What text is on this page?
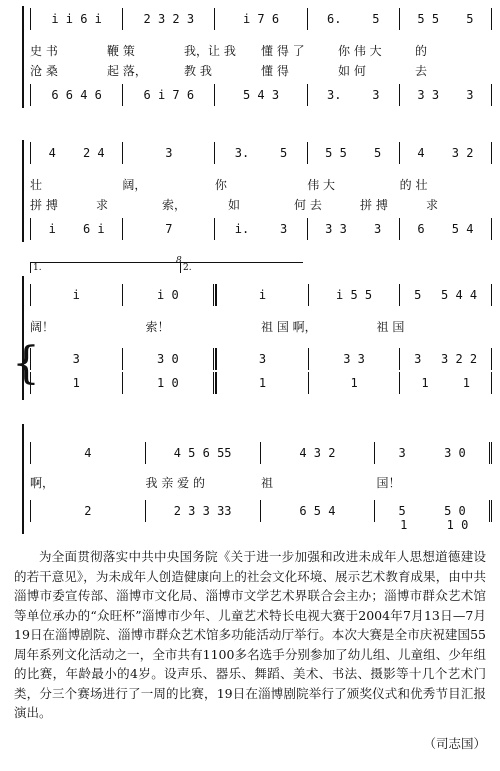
i i 6 i	2 3 2 3	i 7 6	6.	5	5 5 5
史 书	鞭 策	我，让 我	懂 得 了	你 伟 大	的
沧 桑	起 落，	教 我	懂 得	如 何	去
6 6 4 6	6 i 7 6	5 4 3	3.	3	3 3 3
4 2 4	3	3.	5	5 5 5	4 3 2
壮	阔，	你	伟 大	的 壮
拼 搏	求	索，	如	何 去	拼 搏	求
i 6 i	7	i.	3	3 3 3	6 5 4
1.	2.
8
i	i 0	i	i 5 5	5 5 4 4
阔！	索！	祖 国 啊，	祖 国
{	3	3 0	3	3 3	3 3 2 2
1	1 0	1	1	1	1
4	4 5 6 55	4 3 2	3	3 0
啊，	我 亲 爱 的	祖	国！
2	2 3 3 33	6 5 4	5	5 0
1	1 0

为全面贯彻落实中共中央国务院《关于进一步加强和改进未成年人思想道德建设的若干意见》，为未成年人创造健康向上的社会文化环境、展示艺术教育成果，由中共淄博市委宣传部、淄博市文化局、淄博市文学艺术界联合会主办；淄博市群众艺术馆等单位承办的“众旺杯”淄博市少年、儿童艺术特长电视大赛于2004年7月13日—7月19日在淄博剧院、淄博市群众艺术馆多功能活动厅举行。本次大赛是全市庆祝建国55周年系列文化活动之一，全市共有1100多名选手分别参加了幼儿组、儿童组、少年组的比赛，年龄最小的4岁。设声乐、器乐、舞蹈、美术、书法、摄影等十几个艺术门类，分三个赛场进行了一周的比赛，19日在淄博剧院举行了颁奖仪式和优秀节目汇报演出。

（司志国）
